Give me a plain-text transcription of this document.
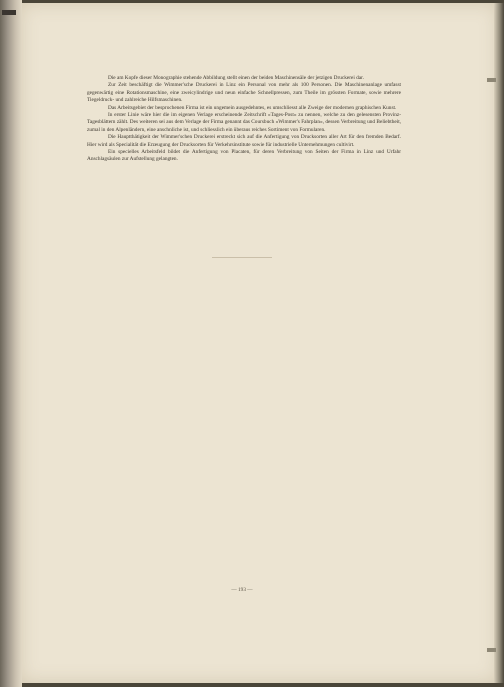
Die am Kopfe dieser Monographie stehende Abbildung stellt einen der beiden Maschinensäle der jetzigen Druckerei dar.

Zur Zeit beschäftigt die Wimmer'sche Druckerei in Linz ein Personal von mehr als 100 Personen. Die Maschinenanlage umfasst gegenwärtig eine Rotationsmaschine, eine zweicylindrige und neun einfache Schnellpressen, zum Theile im grössten Formate, sowie mehrere Tiegeldruck- und zahlreiche Hilfsmaschinen.

Das Arbeitsgebiet der besprochenen Firma ist ein ungemein ausgedehntes, es umschliesst alle Zweige der modernen graphischen Kunst.

In erster Linie wäre hier die im eigenen Verlage erscheinende Zeitschrift »Tages-Post« zu nennen, welche zu den gelesensten Provinz-Tagesblättern zählt. Des weiteren sei aus dem Verlage der Firma genannt das Coursbuch »Wimmer's Fahrplan«, dessen Verbreitung und Beliebtheit, zumal in den Alpenländern, eine anschnliche ist, und schliesslich ein überaus reiches Sortiment von Formularen.

Die Hauptthätigkeit der Wimmer'schen Druckerei erstreckt sich auf die Anfertigung von Drucksorten aller Art für den fremden Bedarf. Hier wird als Specialität die Erzeugung der Drucksorten für Verkehrsinstitute sowie für industrielle Unternehmungen cultivirt.

Ein specielles Arbeitsfeld bildet die Anfertigung von Placaten, für deren Verbreitung von Seiten der Firma in Linz und Urfahr Anschlagsäulen zur Aufstellung gelangten.

— 193 —
